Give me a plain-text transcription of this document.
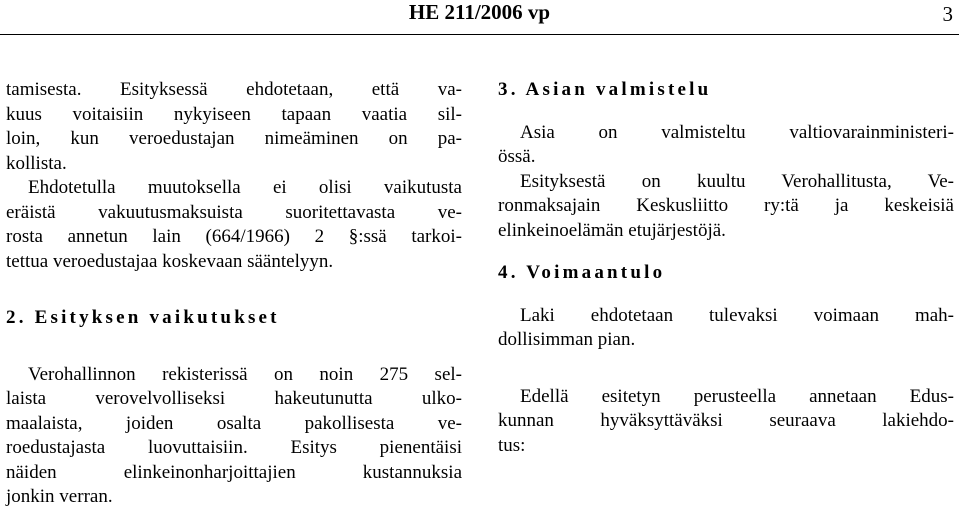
HE 211/2006 vp	3

tamisesta. Esityksessä ehdotetaan, että va-
kuus voitaisiin nykyiseen tapaan vaatia sil-
loin, kun veroedustajan nimeäminen on pa-
kollista.

Ehdotetulla muutoksella ei olisi vaikutusta
eräistä vakuutusmaksuista suoritettavasta ve-
rosta annetun lain (664/1966) 2 §:ssä tarkoi-
tettua veroedustajaa koskevaan sääntelyyn.

2. Esityksen vaikutukset

Verohallinnon rekisterissä on noin 275 sel-
laista verovelvolliseksi hakeutunutta ulko-
maalaista, joiden osalta pakollisesta ve-
roedustajasta luovuttaisiin. Esitys pienentäisi
näiden elinkeinonharjoittajien kustannuksia
jonkin verran.

3. Asian valmistelu

Asia on valmisteltu valtiovarainministeri-
össä.

Esityksestä on kuultu Verohallitusta, Ve-
ronmaksajain Keskusliitto ry:tä ja keskeisiä
elinkeinoelämän etujärjestöjä.

4. Voimaantulo

Laki ehdotetaan tulevaksi voimaan mah-
dollisimman pian.

Edellä esitetyn perusteella annetaan Edus-
kunnan hyväksyttäväksi seuraava lakiehdo-
tus:
